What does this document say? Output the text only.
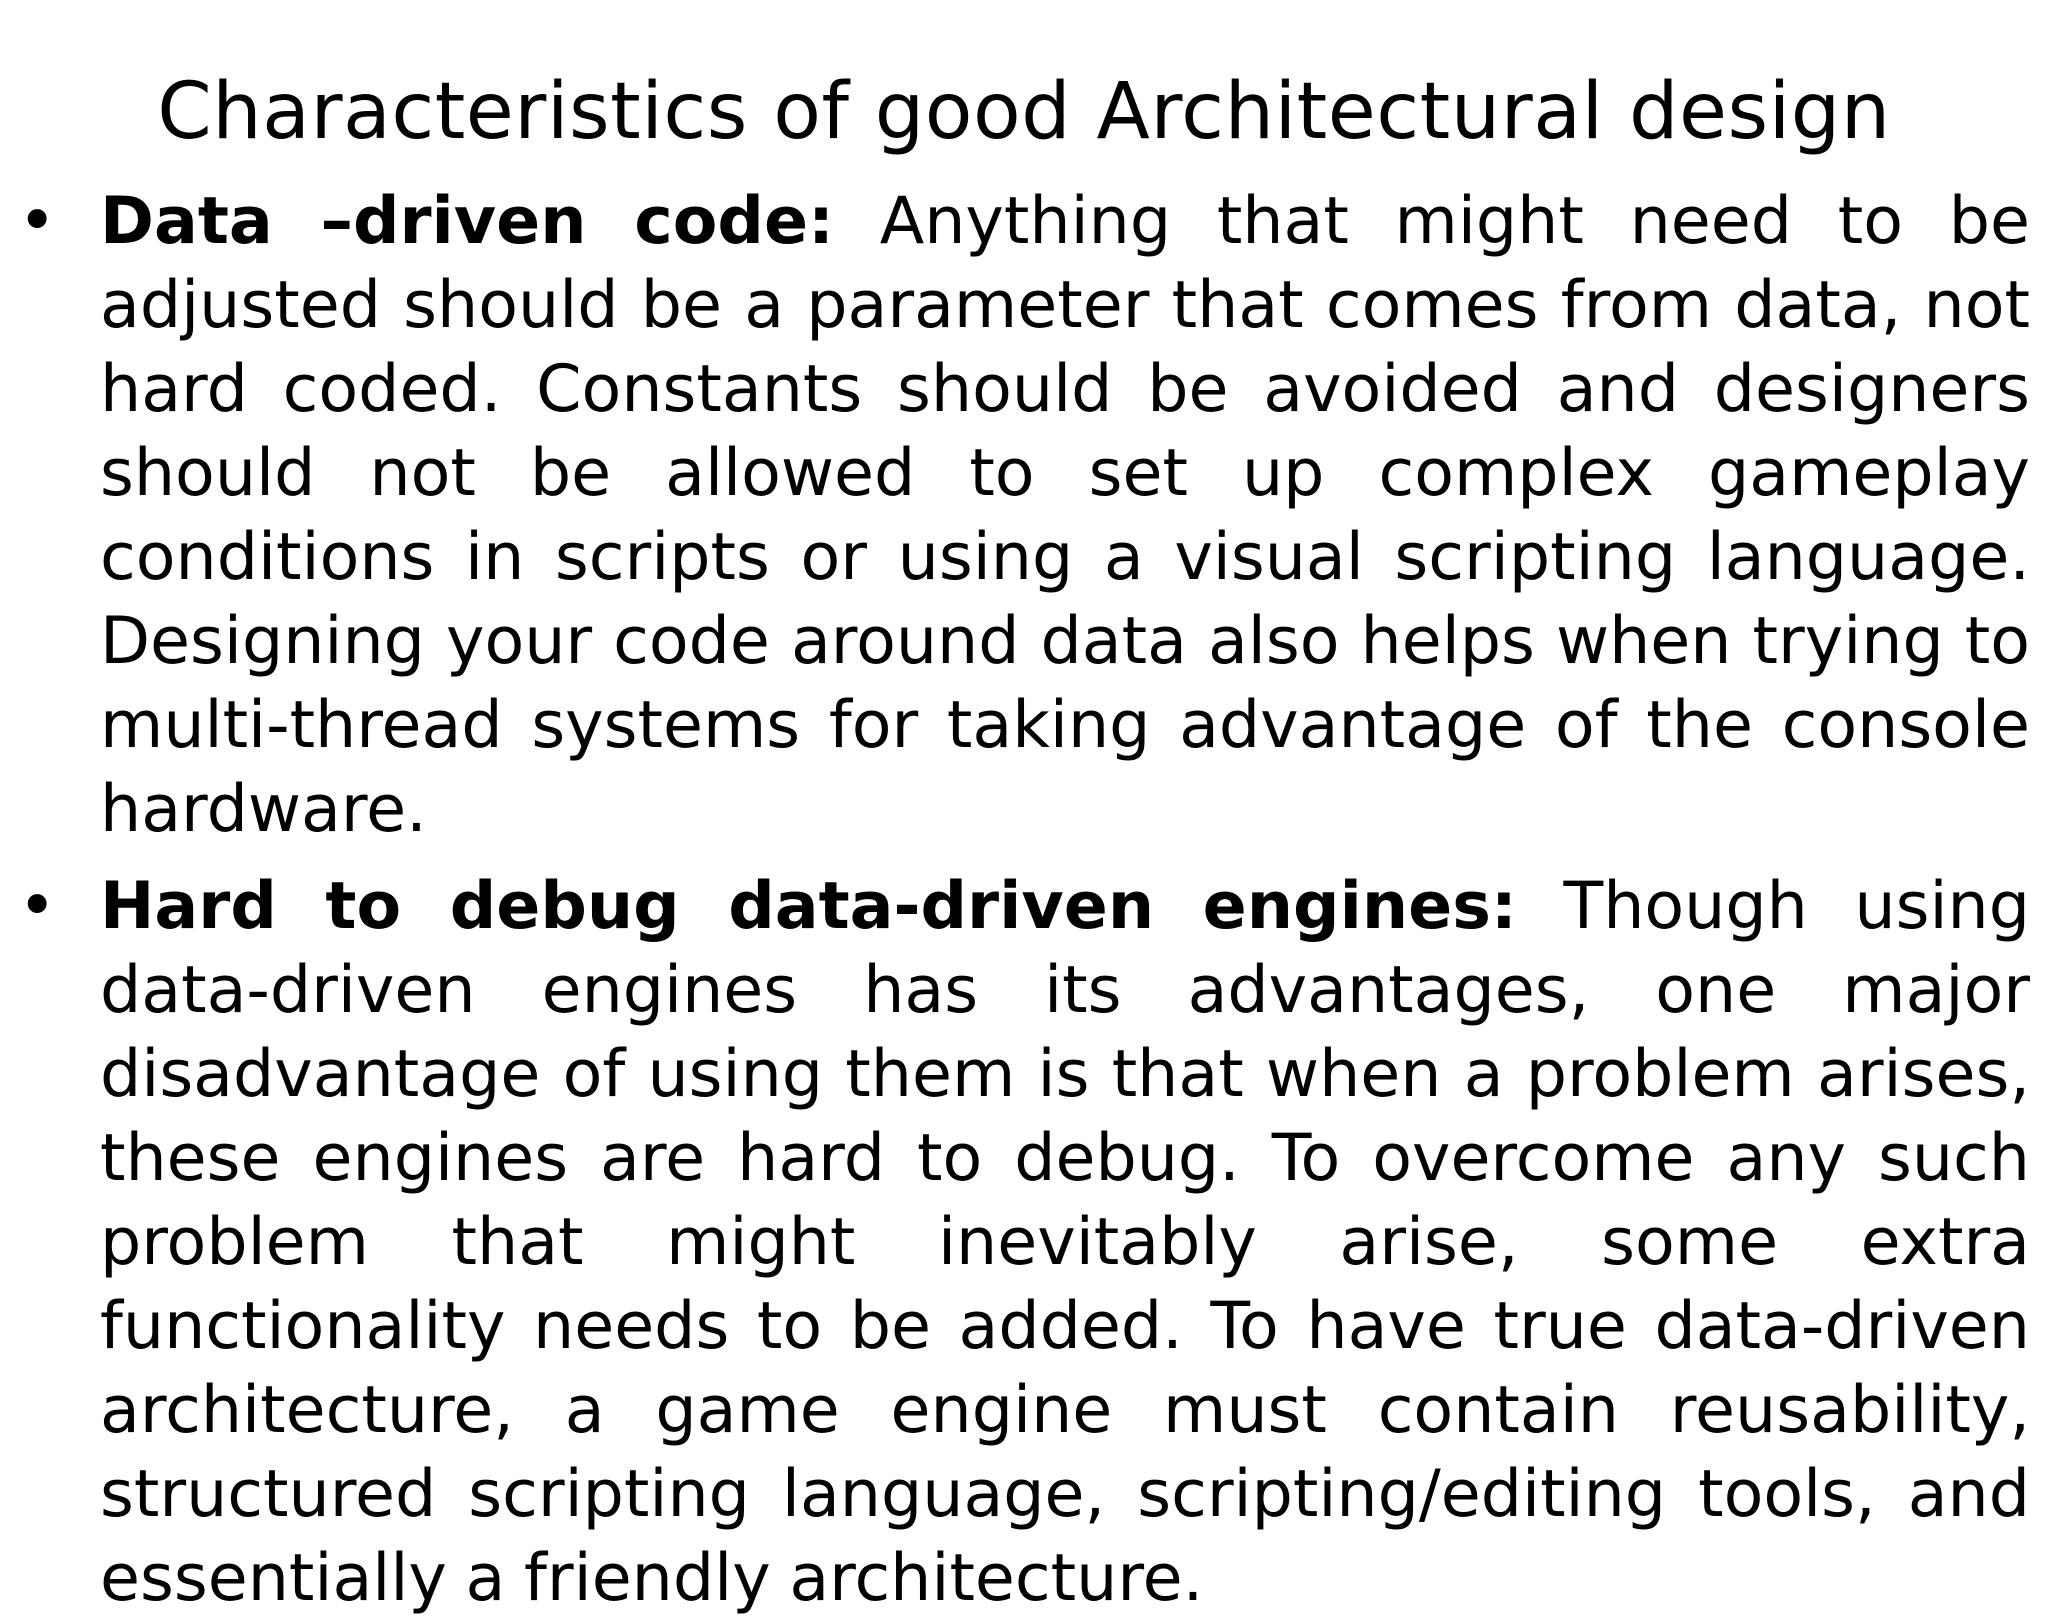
Characteristics of good Architectural design
• Data –driven code: Anything that might need to be adjusted should be a parameter that comes from data, not hard coded. Constants should be avoided and designers should not be allowed to set up complex gameplay conditions in scripts or using a visual scripting language. Designing your code around data also helps when trying to multi-thread systems for taking advantage of the console hardware.
• Hard to debug data-driven engines: Though using data-driven engines has its advantages, one major disadvantage of using them is that when a problem arises, these engines are hard to debug. To overcome any such problem that might inevitably arise, some extra functionality needs to be added. To have true data-driven architecture, a game engine must contain reusability, structured scripting language, scripting/editing tools, and essentially a friendly architecture.
